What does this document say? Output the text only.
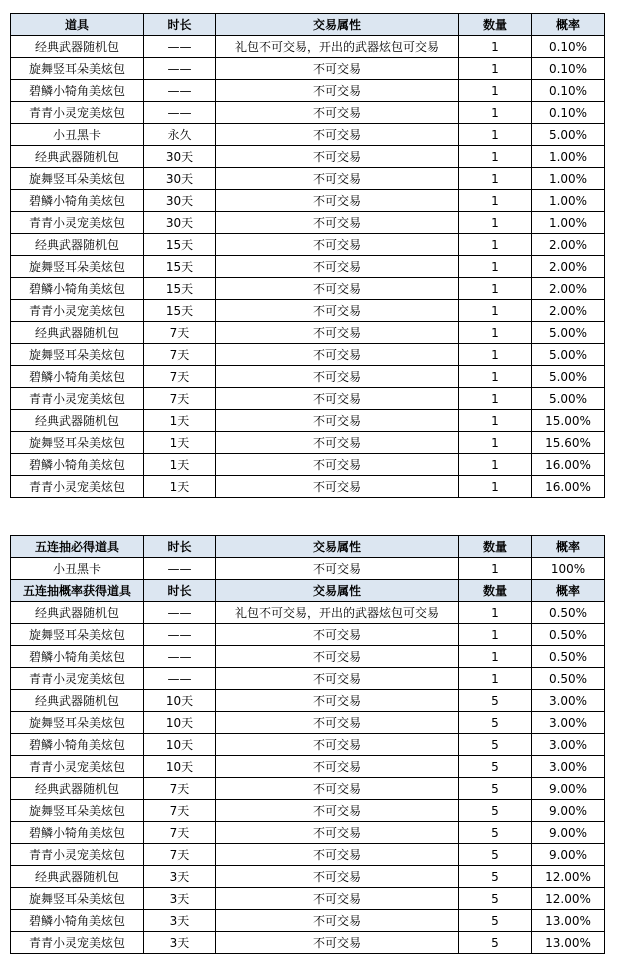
道具	时长	交易属性	数量	概率
经典武器随机包	——	礼包不可交易，开出的武器炫包可交易	1	0.10%
旋舞竖耳朵美炫包	——	不可交易	1	0.10%
碧鳞小犄角美炫包	——	不可交易	1	0.10%
青青小灵宠美炫包	——	不可交易	1	0.10%
小丑黑卡	永久	不可交易	1	5.00%
经典武器随机包	30天	不可交易	1	1.00%
旋舞竖耳朵美炫包	30天	不可交易	1	1.00%
碧鳞小犄角美炫包	30天	不可交易	1	1.00%
青青小灵宠美炫包	30天	不可交易	1	1.00%
经典武器随机包	15天	不可交易	1	2.00%
旋舞竖耳朵美炫包	15天	不可交易	1	2.00%
碧鳞小犄角美炫包	15天	不可交易	1	2.00%
青青小灵宠美炫包	15天	不可交易	1	2.00%
经典武器随机包	7天	不可交易	1	5.00%
旋舞竖耳朵美炫包	7天	不可交易	1	5.00%
碧鳞小犄角美炫包	7天	不可交易	1	5.00%
青青小灵宠美炫包	7天	不可交易	1	5.00%
经典武器随机包	1天	不可交易	1	15.00%
旋舞竖耳朵美炫包	1天	不可交易	1	15.60%
碧鳞小犄角美炫包	1天	不可交易	1	16.00%
青青小灵宠美炫包	1天	不可交易	1	16.00%
五连抽必得道具	时长	交易属性	数量	概率
小丑黑卡	——	不可交易	1	100%
五连抽概率获得道具	时长	交易属性	数量	概率
经典武器随机包	——	礼包不可交易，开出的武器炫包可交易	1	0.50%
旋舞竖耳朵美炫包	——	不可交易	1	0.50%
碧鳞小犄角美炫包	——	不可交易	1	0.50%
青青小灵宠美炫包	——	不可交易	1	0.50%
经典武器随机包	10天	不可交易	5	3.00%
旋舞竖耳朵美炫包	10天	不可交易	5	3.00%
碧鳞小犄角美炫包	10天	不可交易	5	3.00%
青青小灵宠美炫包	10天	不可交易	5	3.00%
经典武器随机包	7天	不可交易	5	9.00%
旋舞竖耳朵美炫包	7天	不可交易	5	9.00%
碧鳞小犄角美炫包	7天	不可交易	5	9.00%
青青小灵宠美炫包	7天	不可交易	5	9.00%
经典武器随机包	3天	不可交易	5	12.00%
旋舞竖耳朵美炫包	3天	不可交易	5	12.00%
碧鳞小犄角美炫包	3天	不可交易	5	13.00%
青青小灵宠美炫包	3天	不可交易	5	13.00%
